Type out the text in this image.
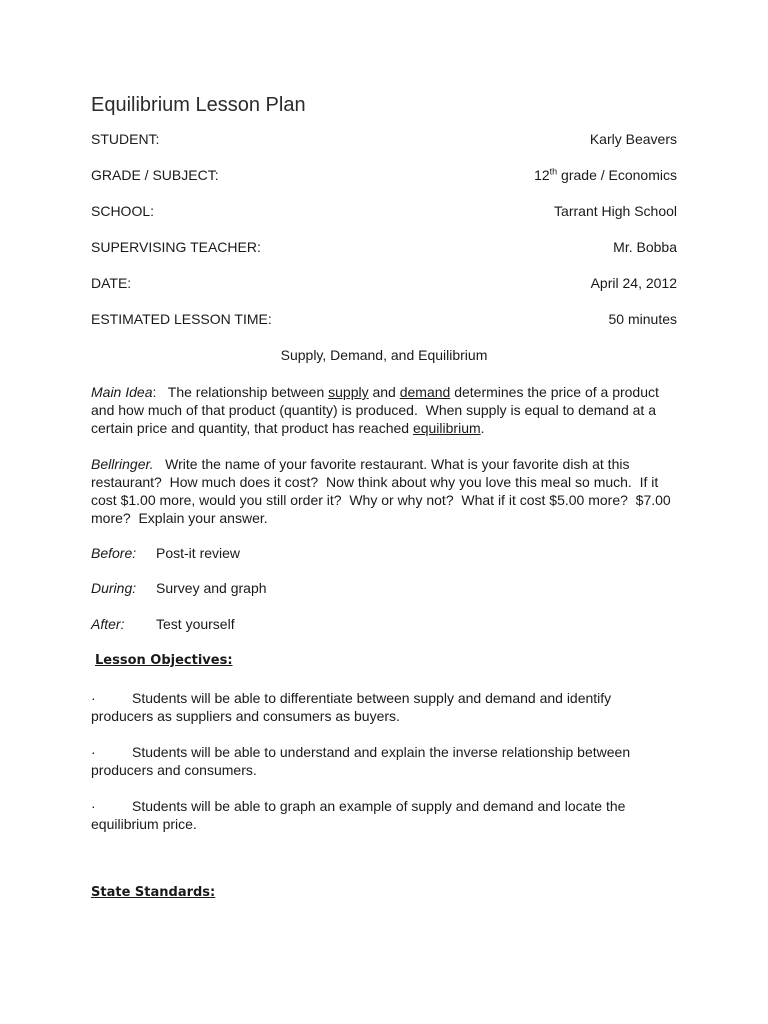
Equilibrium Lesson Plan
STUDENT:	Karly Beavers
GRADE / SUBJECT:	12th grade / Economics
SCHOOL:	Tarrant High School
SUPERVISING TEACHER:	Mr. Bobba
DATE:	April 24, 2012
ESTIMATED LESSON TIME:	50 minutes
Supply, Demand, and Equilibrium
Main Idea:   The relationship between supply and demand determines the price of a product and how much of that product (quantity) is produced.  When supply is equal to demand at a certain price and quantity, that product has reached equilibrium.
Bellringer.   Write the name of your favorite restaurant. What is your favorite dish at this restaurant?  How much does it cost?  Now think about why you love this meal so much.  If it cost $1.00 more, would you still order it?  Why or why not?  What if it cost $5.00 more?  $7.00 more?  Explain your answer.
Before: Post-it review
During: Survey and graph
After: Test yourself
Lesson Objectives:
·	Students will be able to differentiate between supply and demand and identify producers as suppliers and consumers as buyers.
·	Students will be able to understand and explain the inverse relationship between producers and consumers.
·	Students will be able to graph an example of supply and demand and locate the equilibrium price.
State Standards:
